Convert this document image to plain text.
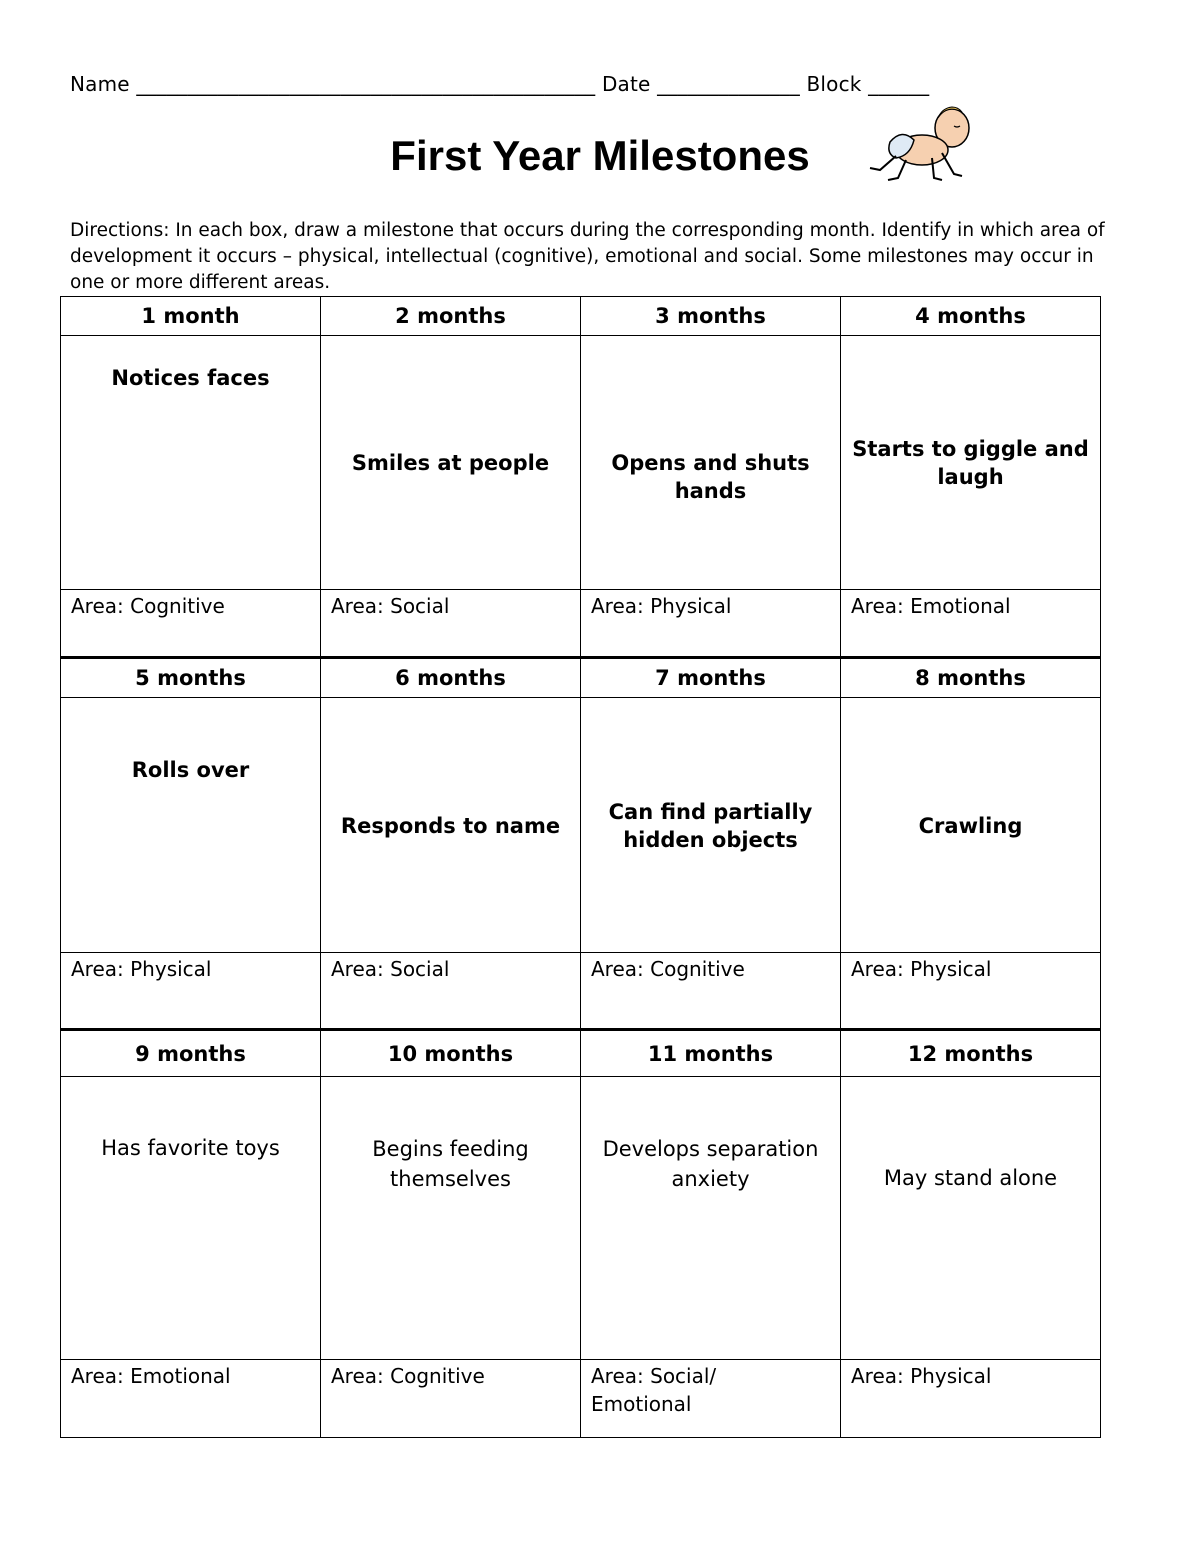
Name _____________________________________________ Date ______________ Block ______
First Year Milestones
Directions: In each box, draw a milestone that occurs during the corresponding month. Identify in which area of development it occurs – physical, intellectual (cognitive), emotional and social. Some milestones may occur in one or more different areas.
1 month	2 months	3 months	4 months

Notices faces	Smiles at people	Opens and shuts hands	Starts to giggle and laugh

Area: Cognitive	Area: Social	Area: Physical	Area: Emotional
5 months	6 months	7 months	8 months

Rolls over	Responds to name	Can find partially hidden objects	Crawling

Area: Physical	Area: Social	Area: Cognitive	Area: Physical
9 months	10 months	11 months	12 months

Has favorite toys	Begins feeding themselves	Develops separation anxiety	May stand alone

Area: Emotional	Area: Cognitive	Area: Social/ Emotional	Area: Physical
